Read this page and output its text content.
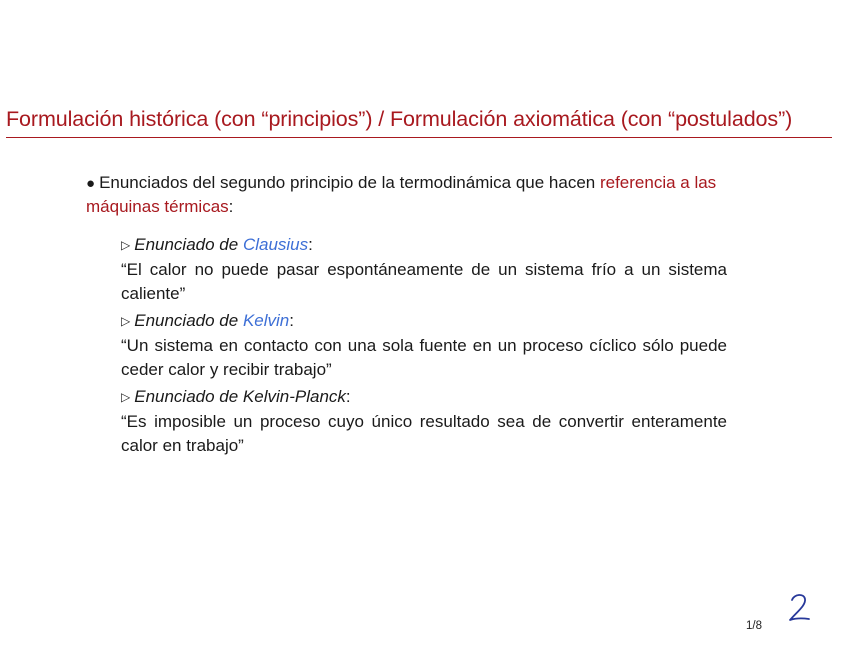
Formulación histórica (con “principios”) / Formulación axiomática (con “postulados”)
● Enunciados del segundo principio de la termodinámica que hacen referencia a las máquinas térmicas:
▷ Enunciado de Clausius:
“El calor no puede pasar espontáneamente de un sistema frío a un sistema caliente”
▷ Enunciado de Kelvin:
“Un sistema en contacto con una sola fuente en un proceso cíclico sólo puede ceder calor y recibir trabajo”
▷ Enunciado de Kelvin-Planck:
“Es imposible un proceso cuyo único resultado sea de convertir enteramente calor en trabajo”
1/8
